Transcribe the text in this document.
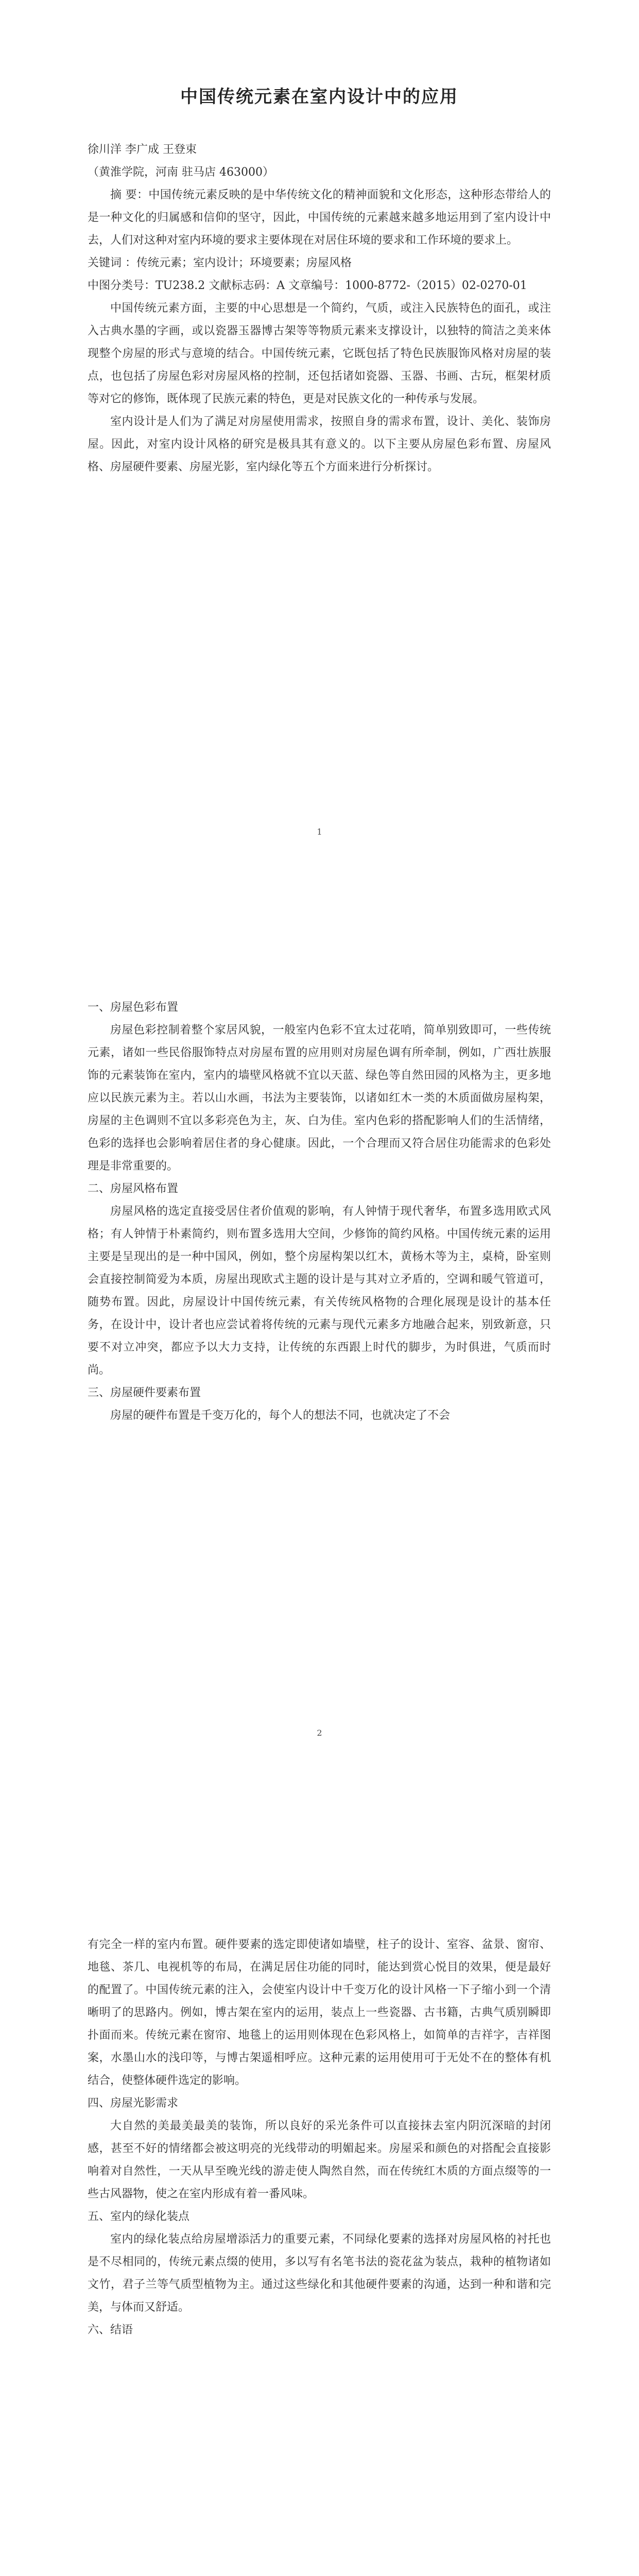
中国传统元素在室内设计中的应用

徐川洋 李广成 王登束

（黄淮学院，河南 驻马店 463000）

摘 要：中国传统元素反映的是中华传统文化的精神面貌和文化形态，这种形态带给人的是一种文化的归属感和信仰的坚守，因此，中国传统的元素越来越多地运用到了室内设计中去，人们对这种对室内环境的要求主要体现在对居住环境的要求和工作环境的要求上。

关键词 ：传统元素；室内设计；环境要素；房屋风格

中图分类号：TU238.2 文献标志码：A 文章编号：1000-8772-（2015）02-0270-01

中国传统元素方面，主要的中心思想是一个简约，气质，或注入民族特色的面孔，或注入古典水墨的字画，或以瓷器玉器博古架等等物质元素来支撑设计，以独特的简洁之美来体现整个房屋的形式与意境的结合。中国传统元素，它既包括了特色民族服饰风格对房屋的装点，也包括了房屋色彩对房屋风格的控制，还包括诸如瓷器、玉器、书画、古玩，框架材质等对它的修饰，既体现了民族元素的特色，更是对民族文化的一种传承与发展。

室内设计是人们为了满足对房屋使用需求，按照自身的需求布置，设计、美化、装饰房屋。因此，对室内设计风格的研究是极具其有意义的。以下主要从房屋色彩布置、房屋风格、房屋硬件要素、房屋光影，室内绿化等五个方面来进行分析探讨。

1

一、房屋色彩布置

房屋色彩控制着整个家居风貌，一般室内色彩不宜太过花哨，简单别致即可，一些传统元素，诸如一些民俗服饰特点对房屋布置的应用则对房屋色调有所牵制，例如，广西壮族服饰的元素装饰在室内，室内的墙壁风格就不宜以天蓝、绿色等自然田园的风格为主，更多地应以民族元素为主。若以山水画，书法为主要装饰，以诸如红木一类的木质面做房屋构架，房屋的主色调则不宜以多彩亮色为主，灰、白为佳。室内色彩的搭配影响人们的生活情绪，色彩的选择也会影响着居住者的身心健康。因此，一个合理而又符合居住功能需求的色彩处理是非常重要的。

二、房屋风格布置

房屋风格的选定直接受居住者价值观的影响，有人钟情于现代奢华，布置多选用欧式风格；有人钟情于朴素简约，则布置多选用大空间，少修饰的简约风格。中国传统元素的运用主要是呈现出的是一种中国风，例如，整个房屋构架以红木，黄杨木等为主，桌椅，卧室则会直接控制简爱为本质，房屋出现欧式主题的设计是与其对立矛盾的，空调和暖气管道可，随势布置。因此，房屋设计中国传统元素，有关传统风格物的合理化展现是设计的基本任务，在设计中，设计者也应尝试着将传统的元素与现代元素多方地融合起来，别致新意，只要不对立冲突，都应予以大力支持，让传统的东西跟上时代的脚步，为时俱进，气质而时尚。

三、房屋硬件要素布置

房屋的硬件布置是千变万化的，每个人的想法不同，也就决定了不会

2

有完全一样的室内布置。硬件要素的选定即使诸如墙壁，柱子的设计、室容、盆景、窗帘、地毯、茶几、电视机等的布局，在满足居住功能的同时，能达到赏心悦目的效果，便是最好的配置了。中国传统元素的注入，会使室内设计中千变万化的设计风格一下子缩小到一个清晰明了的思路内。例如，博古架在室内的运用，装点上一些瓷器、古书籍，古典气质别瞬即扑面而来。传统元素在窗帘、地毯上的运用则体现在色彩风格上，如简单的吉祥字，吉祥图案，水墨山水的浅印等，与博古架遥相呼应。这种元素的运用使用可于无处不在的整体有机结合，使整体硬件选定的影响。

四、房屋光影需求

大自然的美最美最美的装饰，所以良好的采光条件可以直接抹去室内阴沉深暗的封闭感，甚至不好的情绪都会被这明亮的光线带动的明媚起来。房屋采和颜色的对搭配会直接影响着对自然性，一天从早至晚光线的游走使人陶然自然，而在传统红木质的方面点缀等的一些古风器物，使之在室内形成有着一番风味。

五、室内的绿化装点

室内的绿化装点给房屋增添活力的重要元素，不同绿化要素的选择对房屋风格的衬托也是不尽相同的，传统元素点缀的使用，多以写有名笔书法的瓷花盆为装点，栽种的植物诸如文竹，君子兰等气质型植物为主。通过这些绿化和其他硬件要素的沟通，达到一种和谐和完美，与体而又舒适。

六、结语
